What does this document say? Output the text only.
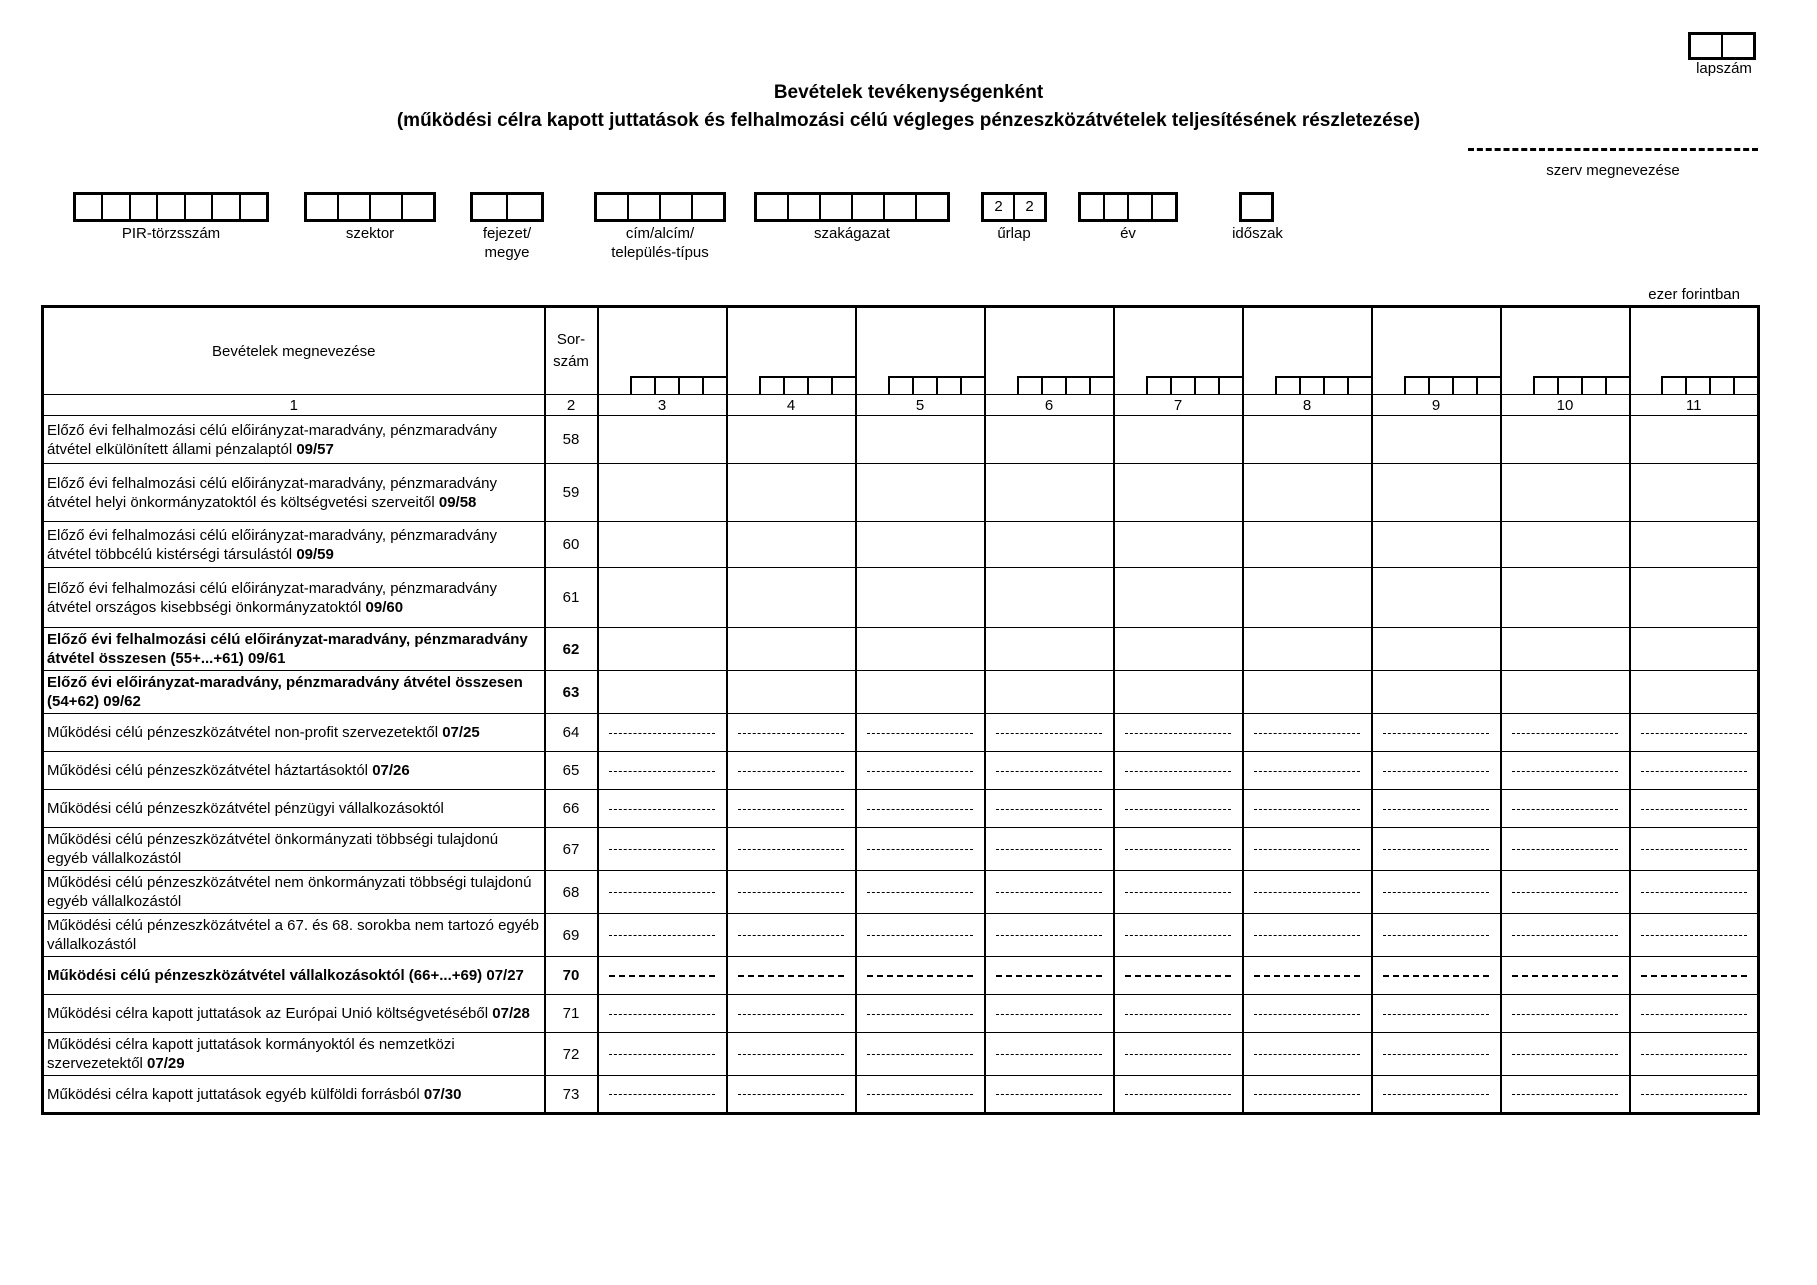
lapszám
Bevételek tevékenységenként
(működési célra kapott juttatások és felhalmozási célú végleges pénzeszközátvételek teljesítésének részletezése)
szerv megnevezése
PIR-törzsszám	szektor	fejezet/
megye
cím/alcím/
település-típus
szakágazat
2	2
űrlap	év	időszak
ezer forintban
Bevételek megnevezése	Sor-
szám									

1	2	3	4	5	6	7	8	9	10	11
Előző évi felhalmozási célú előirányzat-maradvány, pénzmaradvány átvétel elkülönített állami pénzalaptól 09/57	58									
Előző évi felhalmozási célú előirányzat-maradvány, pénzmaradvány átvétel helyi önkormányzatoktól és költségvetési szerveitől 09/58	59									
Előző évi felhalmozási célú előirányzat-maradvány, pénzmaradvány átvétel többcélú kistérségi társulástól 09/59	60									
Előző évi felhalmozási célú előirányzat-maradvány, pénzmaradvány átvétel országos kisebbségi önkormányzatoktól 09/60	61									
Előző évi felhalmozási célú előirányzat-maradvány, pénzmaradvány átvétel összesen (55+...+61) 09/61	62									
Előző évi előirányzat-maradvány, pénzmaradvány átvétel összesen (54+62) 09/62	63									
Működési célú pénzeszközátvétel non-profit szervezetektől 07/25	64									
Működési célú pénzeszközátvétel háztartásoktól 07/26	65									
Működési célú pénzeszközátvétel pénzügyi vállalkozásoktól	66									
Működési célú pénzeszközátvétel önkormányzati többségi tulajdonú egyéb vállalkozástól	67									
Működési célú pénzeszközátvétel nem önkormányzati többségi tulajdonú egyéb vállalkozástól	68									
Működési célú pénzeszközátvétel a 67. és 68. sorokba nem tartozó egyéb vállalkozástól	69									
Működési célú pénzeszközátvétel vállalkozásoktól (66+...+69) 07/27	70									
Működési célra kapott juttatások az Európai Unió költségvetéséből 07/28	71									
Működési célra kapott juttatások kormányoktól és nemzetközi szervezetektől 07/29	72									
Működési célra kapott juttatások egyéb külföldi forrásból 07/30	73									
